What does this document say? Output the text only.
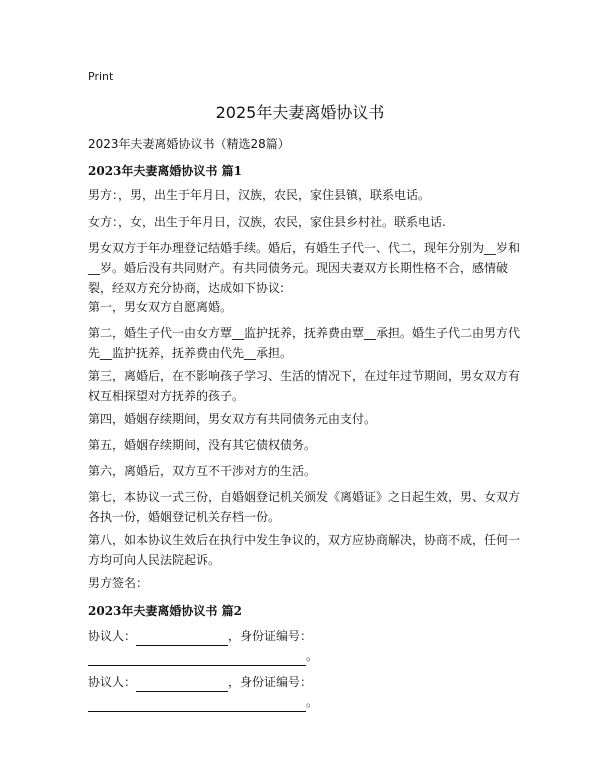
Print
2025年夫妻离婚协议书
2023年夫妻离婚协议书（精选28篇）
2023年夫妻离婚协议书 篇1
男方：，男，出生于年月日，汉族，农民，家住县镇，联系电话。
女方：，女，出生于年月日，汉族，农民，家住县乡村社。联系电话.
男女双方于年办理登记结婚手续。婚后，有婚生子代一、代二，现年分别为__岁和__岁。婚后没有共同财产。有共同债务元。现因夫妻双方长期性格不合，感情破裂，经双方充分协商，达成如下协议:
第一，男女双方自愿离婚。
第二，婚生子代一由女方覃__监护抚养，抚养费由覃__承担。婚生子代二由男方代先__监护抚养，抚养费由代先__承担。
第三，离婚后，在不影响孩子学习、生活的情况下，在过年过节期间，男女双方有权互相探望对方抚养的孩子。
第四，婚姻存续期间，男女双方有共同债务元由支付。
第五，婚姻存续期间，没有其它债权债务。
第六，离婚后，双方互不干涉对方的生活。
第七，本协议一式三份，自婚姻登记机关颁发《离婚证》之日起生效，男、女双方各执一份，婚姻登记机关存档一份。
第八，如本协议生效后在执行中发生争议的，双方应协商解决，协商不成，任何一方均可向人民法院起诉。
男方签名：
2023年夫妻离婚协议书 篇2
协议人：	，身份证编号：
。
协议人：	，身份证编号：
。
